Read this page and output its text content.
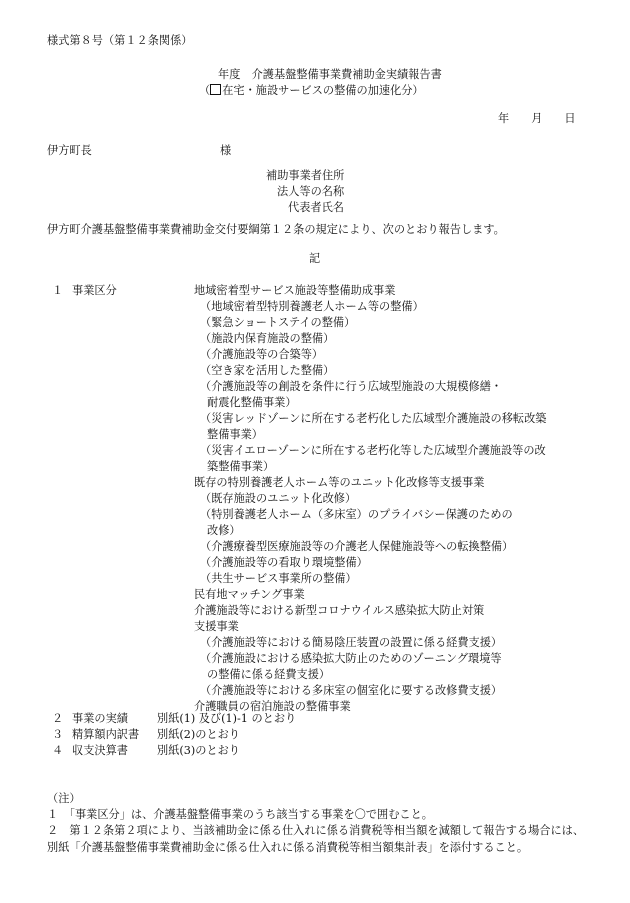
様式第８号（第１２条関係）
年度　介護基盤整備事業費補助金実績報告書
（ 在宅・施設サービスの整備の加速化分）
年 月 日
伊方町長	様
補助事業者住所
法人等の名称
代表者氏名
伊方町介護基盤整備事業費補助金交付要綱第１２条の規定により、次のとおり報告します。
記
１ 事業区分	地域密着型サービス施設等整備助成事業
（地域密着型特別養護老人ホーム等の整備）
（緊急ショートステイの整備）
（施設内保育施設の整備）
（介護施設等の合築等）
（空き家を活用した整備）
（介護施設等の創設を条件に行う広域型施設の大規模修繕・
耐震化整備事業）
（災害レッドゾーンに所在する老朽化した広域型介護施設の移転改築
整備事業）
（災害イエローゾーンに所在する老朽化等した広域型介護施設等の改
築整備事業）
既存の特別養護老人ホーム等のユニット化改修等支援事業
（既存施設のユニット化改修）
（特別養護老人ホーム（多床室）のプライバシー保護のための
改修）
（介護療養型医療施設等の介護老人保健施設等への転換整備）
（介護施設等の看取り環境整備）
（共生サービス事業所の整備）
民有地マッチング事業
介護施設等における新型コロナウイルス感染拡大防止対策
支援事業
（介護施設等における簡易陰圧装置の設置に係る経費支援）
（介護施設における感染拡大防止のためのゾーニング環境等
の整備に係る経費支援）
（介護施設等における多床室の個室化に要する改修費支援）
介護職員の宿泊施設の整備事業
２ 事業の実績	別紙(1) 及び(1)-1 のとおり
３ 精算額内訳書 別紙(2)のとおり
４ 収支決算書	別紙(3)のとおり
（注）
１　「事業区分」は、介護基盤整備事業のうち該当する事業を〇で囲むこと。
２　第１２条第２項により、当該補助金に係る仕入れに係る消費税等相当額を減額して報告する場合には、別紙「介護基盤整備事業費補助金に係る仕入れに係る消費税等相当額集計表」を添付すること。
